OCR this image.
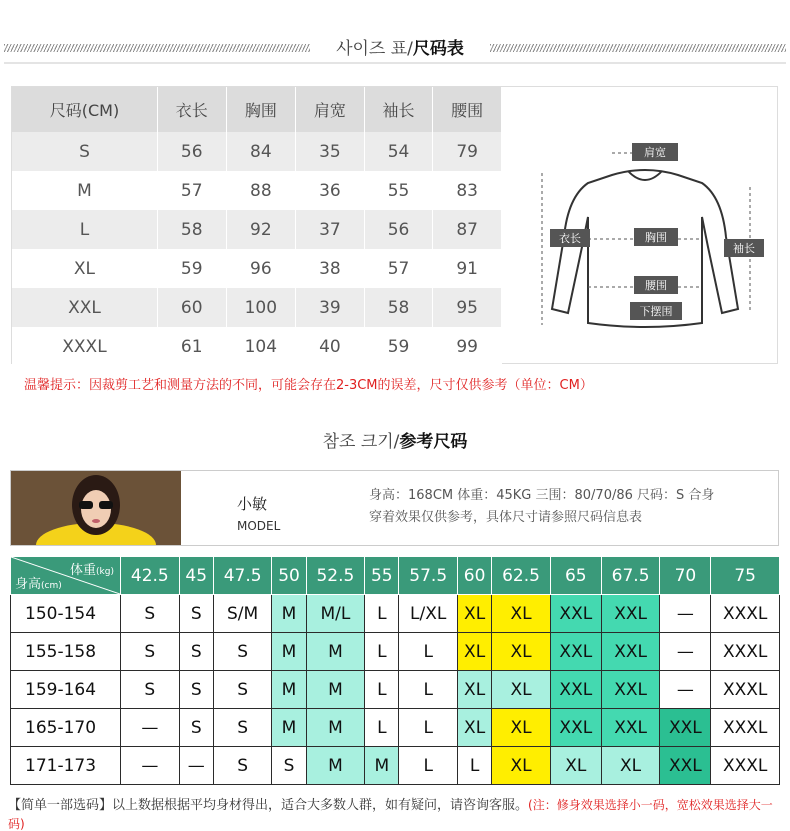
사이즈 표/尺码表
尺码(CM)	衣长	胸围	肩宽	袖长	腰围
S	56	84	35	54	79
M	57	88	36	55	83
L	58	92	37	56	87
XL	59	96	38	57	91
XXL	60	100	39	58	95
XXXL	61	104	40	59	99
肩宽
衣长	胸围
袖长
腰围
下摆围
温馨提示：因裁剪工艺和测量方法的不同，可能会存在2-3CM的误差，尺寸仅供参考（单位：CM）
참조 크기/参考尺码
小敏
MODEL
身高：168CM 体重：45KG 三围：80/70/86 尺码：S 合身
穿着效果仅供参考，具体尺寸请参照尺码信息表
体重(kg)
身高(cm)	42.5	45	47.5	50	52.5	55	57.5	60	62.5	65	67.5	70	75
150-154	S	S	S/M	M	M/L	L	L/XL	XL	XL	XXL	XXL	—	XXXL
155-158	S	S	S	M	M	L	L	XL	XL	XXL	XXL	—	XXXL
159-164	S	S	S	M	M	L	L	XL	XL	XXL	XXL	—	XXXL
165-170	—	S	S	M	M	L	L	XL	XL	XXL	XXL	XXL	XXXL
171-173	—	—	S	S	M	M	L	L	XL	XL	XL	XXL	XXXL
【简单一部选码】以上数据根据平均身材得出，适合大多数人群，如有疑问，请咨询客服。(注：修身效果选择小一码，宽松效果选择大一码)
